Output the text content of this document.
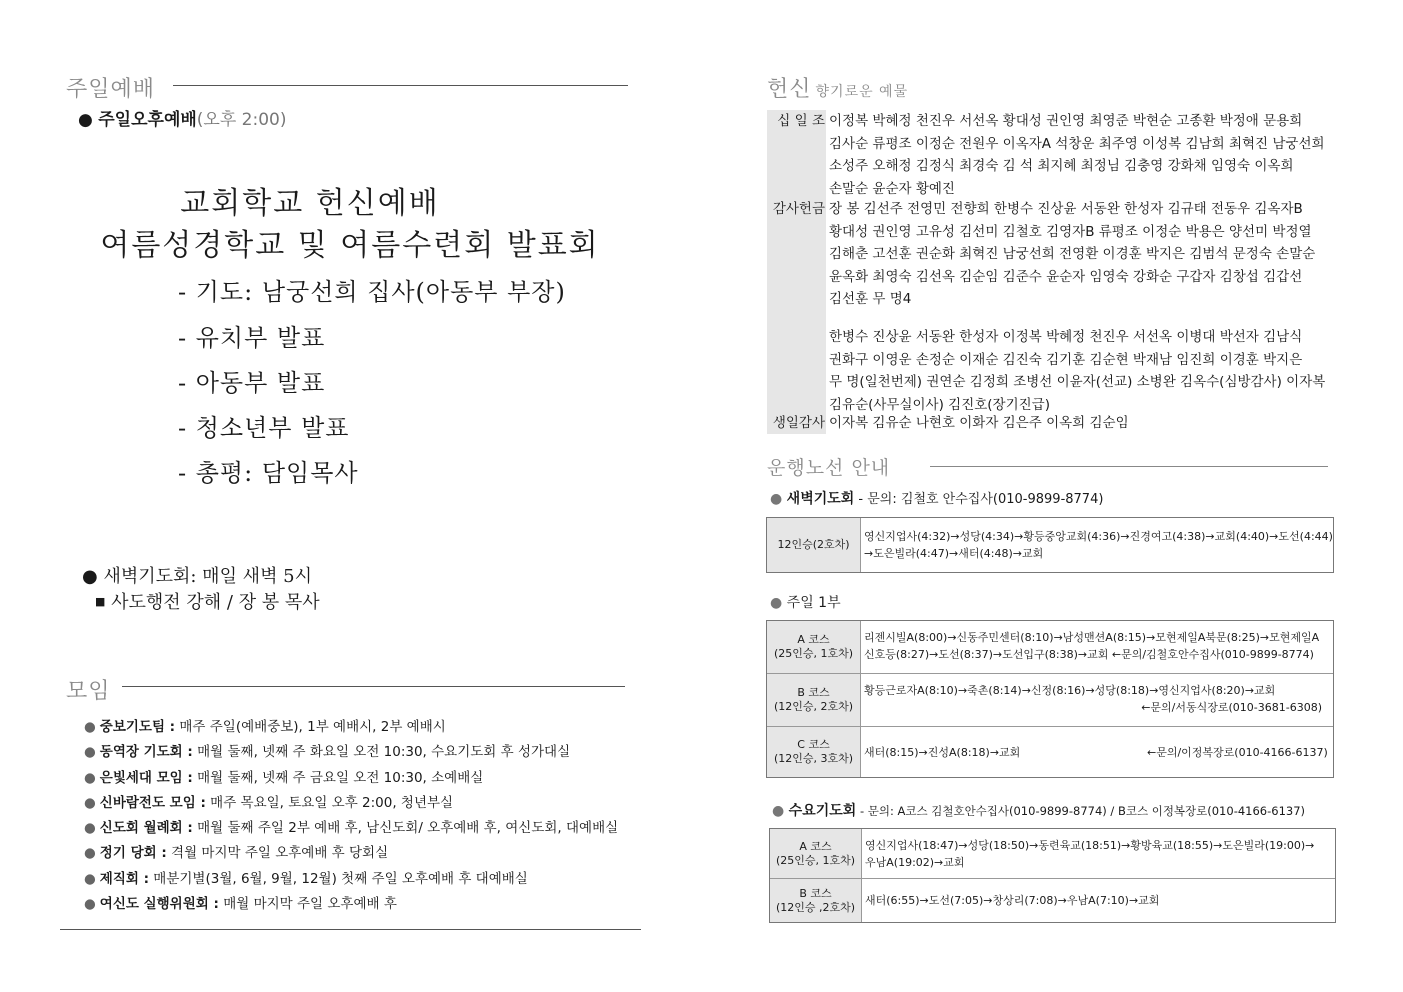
주일예배
● 주일오후예배(오후 2:00)
교회학교 헌신예배
여름성경학교 및 여름수련회 발표회
- 기도: 남궁선희 집사(아동부 부장)
- 유치부 발표
- 아동부 발표
- 청소년부 발표
- 총평: 담임목사
● 새벽기도회: 매일 새벽 5시
■ 사도행전 강해 / 장 봉 목사
모임
● 중보기도팀 : 매주 주일(예배중보), 1부 예배시, 2부 예배시
● 동역장 기도회 : 매월 둘째, 넷째 주 화요일 오전 10:30, 수요기도회 후 성가대실
● 은빛세대 모임 : 매월 둘째, 넷째 주 금요일 오전 10:30, 소예배실
● 신바람전도 모임 : 매주 목요일, 토요일 오후 2:00, 청년부실
● 신도회 월례회 : 매월 둘째 주일 2부 예배 후, 남신도회/ 오후예배 후, 여신도회, 대예배실
● 정기 당회 : 격월 마지막 주일 오후예배 후 당회실
● 제직회 : 매분기별(3월, 6월, 9월, 12월) 첫째 주일 오후예배 후 대예배실
● 여신도 실행위원회 : 매월 마지막 주일 오후예배 후
헌신 향기로운 예물
십 일 조 이정복 박혜정 천진우 서선옥 황대성 권인영 최영준 박현순 고종환 박정애 문용희
김사순 류평조 이정순 전원우 이옥자A 석창운 최주영 이성복 김남희 최혁진 남궁선희
소성주 오해정 김정식 최경숙 김 석 최지혜 최정님 김충영 강화채 임영숙 이옥희
손말순 윤순자 황예진
감사헌금 장 봉 김선주 전영민 전향희 한병수 진상윤 서동완 한성자 김규태 전동우 김옥자B
황대성 권인영 고유성 김선미 김철호 김영자B 류평조 이정순 박용은 양선미 박정열
김해춘 고선훈 권순화 최혁진 남궁선희 전영환 이경훈 박지은 김범석 문정숙 손말순
윤옥화 최영숙 김선옥 김순임 김준수 윤순자 임영숙 강화순 구갑자 김창섭 김갑선
김선훈 무 명4
한병수 진상윤 서동완 한성자 이정복 박혜정 천진우 서선옥 이병대 박선자 김남식
권화구 이영운 손정순 이재순 김진숙 김기훈 김순현 박재남 임진희 이경훈 박지은
무 명(일천번제) 권연순 김정희 조병선 이윤자(선교) 소병완 김옥수(심방감사) 이자복
김유순(사무실이사) 김진호(장기진급)
생일감사 이자복 김유순 나현호 이화자 김은주 이옥희 김순임
운행노선 안내
● 새벽기도회 - 문의: 김철호 안수집사(010-9899-8774)
12인승(2호차)
영신지업사(4:32)→성당(4:34)→황등중앙교회(4:36)→진경여고(4:38)→교회(4:40)→도선(4:44)
→도은빌라(4:47)→새터(4:48)→교회
● 주일 1부
A 코스
(25인승, 1호차)
리젠시빌A(8:00)→신동주민센터(8:10)→남성맨션A(8:15)→모현제일A북문(8:25)→모현제일A
신호등(8:27)→도선(8:37)→도선입구(8:38)→교회 ←문의/김철호안수집사(010-9899-8774)
B 코스
(12인승, 2호차)
황등근로자A(8:10)→죽촌(8:14)→신정(8:16)→성당(8:18)→영신지업사(8:20)→교회
←문의/서동식장로(010-3681-6308)
C 코스
(12인승, 3호차) 새터(8:15)→진성A(8:18)→교회	←문의/이정복장로(010-4166-6137)
● 수요기도회 - 문의: A코스 김철호안수집사(010-9899-8774) / B코스 이정복장로(010-4166-6137)
A 코스
(25인승, 1호차)
영신지업사(18:47)→성당(18:50)→동련육교(18:51)→황방육교(18:55)→도은빌라(19:00)→
우남A(19:02)→교회
B 코스
(12인승 ,2호차) 새터(6:55)→도선(7:05)→창상리(7:08)→우남A(7:10)→교회
